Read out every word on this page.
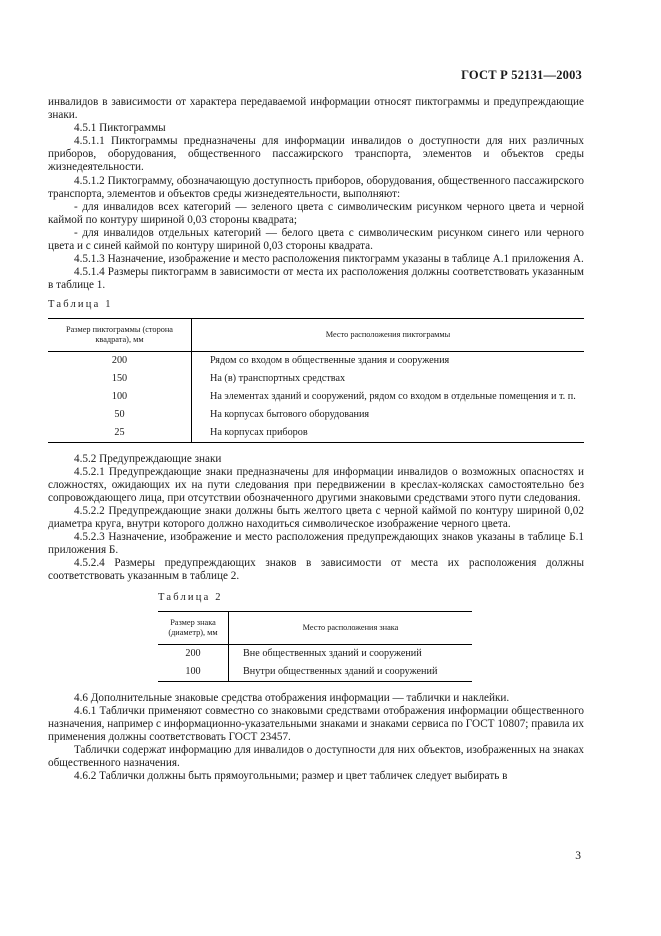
ГОСТ Р 52131—2003

инвалидов в зависимости от характера передаваемой информации относят пиктограммы и предупреждающие знаки.

4.5.1 Пиктограммы

4.5.1.1 Пиктограммы предназначены для информации инвалидов о доступности для них различных приборов, оборудования, общественного пассажирского транспорта, элементов и объектов среды жизнедеятельности.

4.5.1.2 Пиктограмму, обозначающую доступность приборов, оборудования, общественного пассажирского транспорта, элементов и объектов среды жизнедеятельности, выполняют:

- для инвалидов всех категорий — зеленого цвета с символическим рисунком черного цвета и черной каймой по контуру шириной 0,03 стороны квадрата;

- для инвалидов отдельных категорий — белого цвета с символическим рисунком синего или черного цвета и с синей каймой по контуру шириной 0,03 стороны квадрата.

4.5.1.3 Назначение, изображение и место расположения пиктограмм указаны в таблице А.1 приложения А.

4.5.1.4 Размеры пиктограмм в зависимости от места их расположения должны соответствовать указанным в таблице 1.

Таблица 1

Размер пиктограммы (сторона квадрата), мм	Место расположения пиктограммы
200	Рядом со входом в общественные здания и сооружения
150	На (в) транспортных средствах
100	На элементах зданий и сооружений, рядом со входом в отдельные помещения и т. п.
50	На корпусах бытового оборудования
25	На корпусах приборов

4.5.2 Предупреждающие знаки

4.5.2.1 Предупреждающие знаки предназначены для информации инвалидов о возможных опасностях и сложностях, ожидающих их на пути следования при передвижении в креслах-колясках самостоятельно без сопровождающего лица, при отсутствии обозначенного другими знаковыми средствами этого пути следования.

4.5.2.2 Предупреждающие знаки должны быть желтого цвета с черной каймой по контуру шириной 0,02 диаметра круга, внутри которого должно находиться символическое изображение черного цвета.

4.5.2.3 Назначение, изображение и место расположения предупреждающих знаков указаны в таблице Б.1 приложения Б.

4.5.2.4 Размеры предупреждающих знаков в зависимости от места их расположения должны соответствовать указанным в таблице 2.

Таблица 2

Размер знака (диаметр), мм	Место расположения знака
200	Вне общественных зданий и сооружений
100	Внутри общественных зданий и сооружений

4.6 Дополнительные знаковые средства отображения информации — таблички и наклейки.

4.6.1 Таблички применяют совместно со знаковыми средствами отображения информации общественного назначения, например с информационно-указательными знаками и знаками сервиса по ГОСТ 10807; правила их применения должны соответствовать ГОСТ 23457.

Таблички содержат информацию для инвалидов о доступности для них объектов, изображенных на знаках общественного назначения.

4.6.2 Таблички должны быть прямоугольными; размер и цвет табличек следует выбирать в

3
